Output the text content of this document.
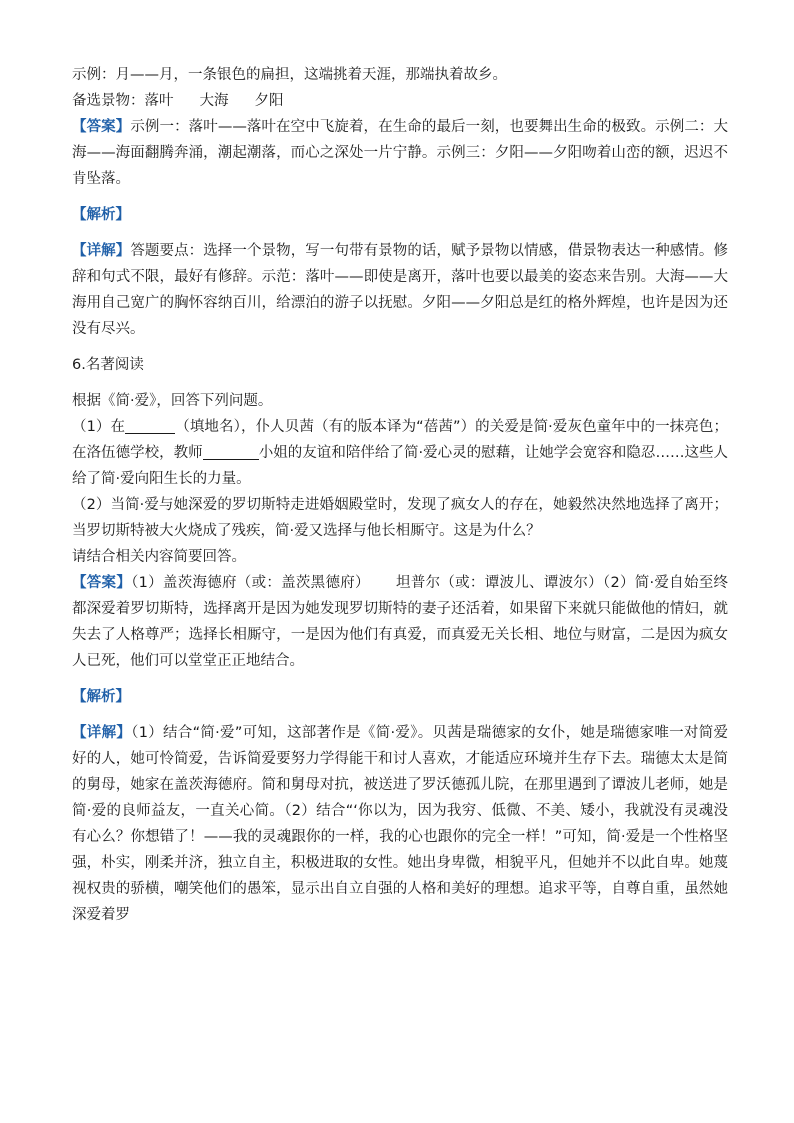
示例：月——月，一条银色的扁担，这端挑着天涯，那端执着故乡。

备选景物：落叶 大海 夕阳

【答案】示例一：落叶——落叶在空中飞旋着，在生命的最后一刻，也要舞出生命的极致。示例二：大海——海面翻腾奔涌，潮起潮落，而心之深处一片宁静。示例三：夕阳——夕阳吻着山峦的额，迟迟不肯坠落。

【解析】

【详解】答题要点：选择一个景物，写一句带有景物的话，赋予景物以情感，借景物表达一种感情。修辞和句式不限，最好有修辞。示范：落叶——即使是离开，落叶也要以最美的姿态来告别。大海——大海用自己宽广的胸怀容纳百川，给漂泊的游子以抚慰。夕阳——夕阳总是红的格外辉煌，也许是因为还没有尽兴。

6.名著阅读

根据《简·爱》，回答下列问题。

（1）在	（填地名），仆人贝茜（有的版本译为“蓓茜”）的关爱是简·爱灰色童年中的一抹亮色；在洛伍德学校，教师	小姐的友谊和陪伴给了简·爱心灵的慰藉，让她学会宽容和隐忍……这些人给了简·爱向阳生长的力量。

（2）当简·爱与她深爱的罗切斯特走进婚姻殿堂时，发现了疯女人的存在，她毅然决然地选择了离开；当罗切斯特被大火烧成了残疾，简·爱又选择与他长相厮守。这是为什么？

请结合相关内容简要回答。

【答案】（1）盖茨海德府（或：盖茨黑德府） 坦普尔（或：谭波儿、谭波尔）（2）简·爱自始至终都深爱着罗切斯特，选择离开是因为她发现罗切斯特的妻子还活着，如果留下来就只能做他的情妇，就失去了人格尊严；选择长相厮守，一是因为他们有真爱，而真爱无关长相、地位与财富，二是因为疯女人已死，他们可以堂堂正正地结合。

【解析】

【详解】（1）结合“简·爱”可知，这部著作是《简·爱》。贝茜是瑞德家的女仆，她是瑞德家唯一对简爱好的人，她可怜简爱，告诉简爱要努力学得能干和讨人喜欢，才能适应环境并生存下去。瑞德太太是简的舅母，她家在盖茨海德府。简和舅母对抗，被送进了罗沃德孤儿院，在那里遇到了谭波儿老师，她是简·爱的良师益友，一直关心简。（2）结合“‘你以为，因为我穷、低微、不美、矮小，我就没有灵魂没有心么？你想错了！——我的灵魂跟你的一样，我的心也跟你的完全一样！”可知，简·爱是一个性格坚强，朴实，刚柔并济，独立自主，积极进取的女性。她出身卑微，相貌平凡，但她并不以此自卑。她蔑视权贵的骄横，嘲笑他们的愚笨，显示出自立自强的人格和美好的理想。追求平等，自尊自重，虽然她深爱着罗
